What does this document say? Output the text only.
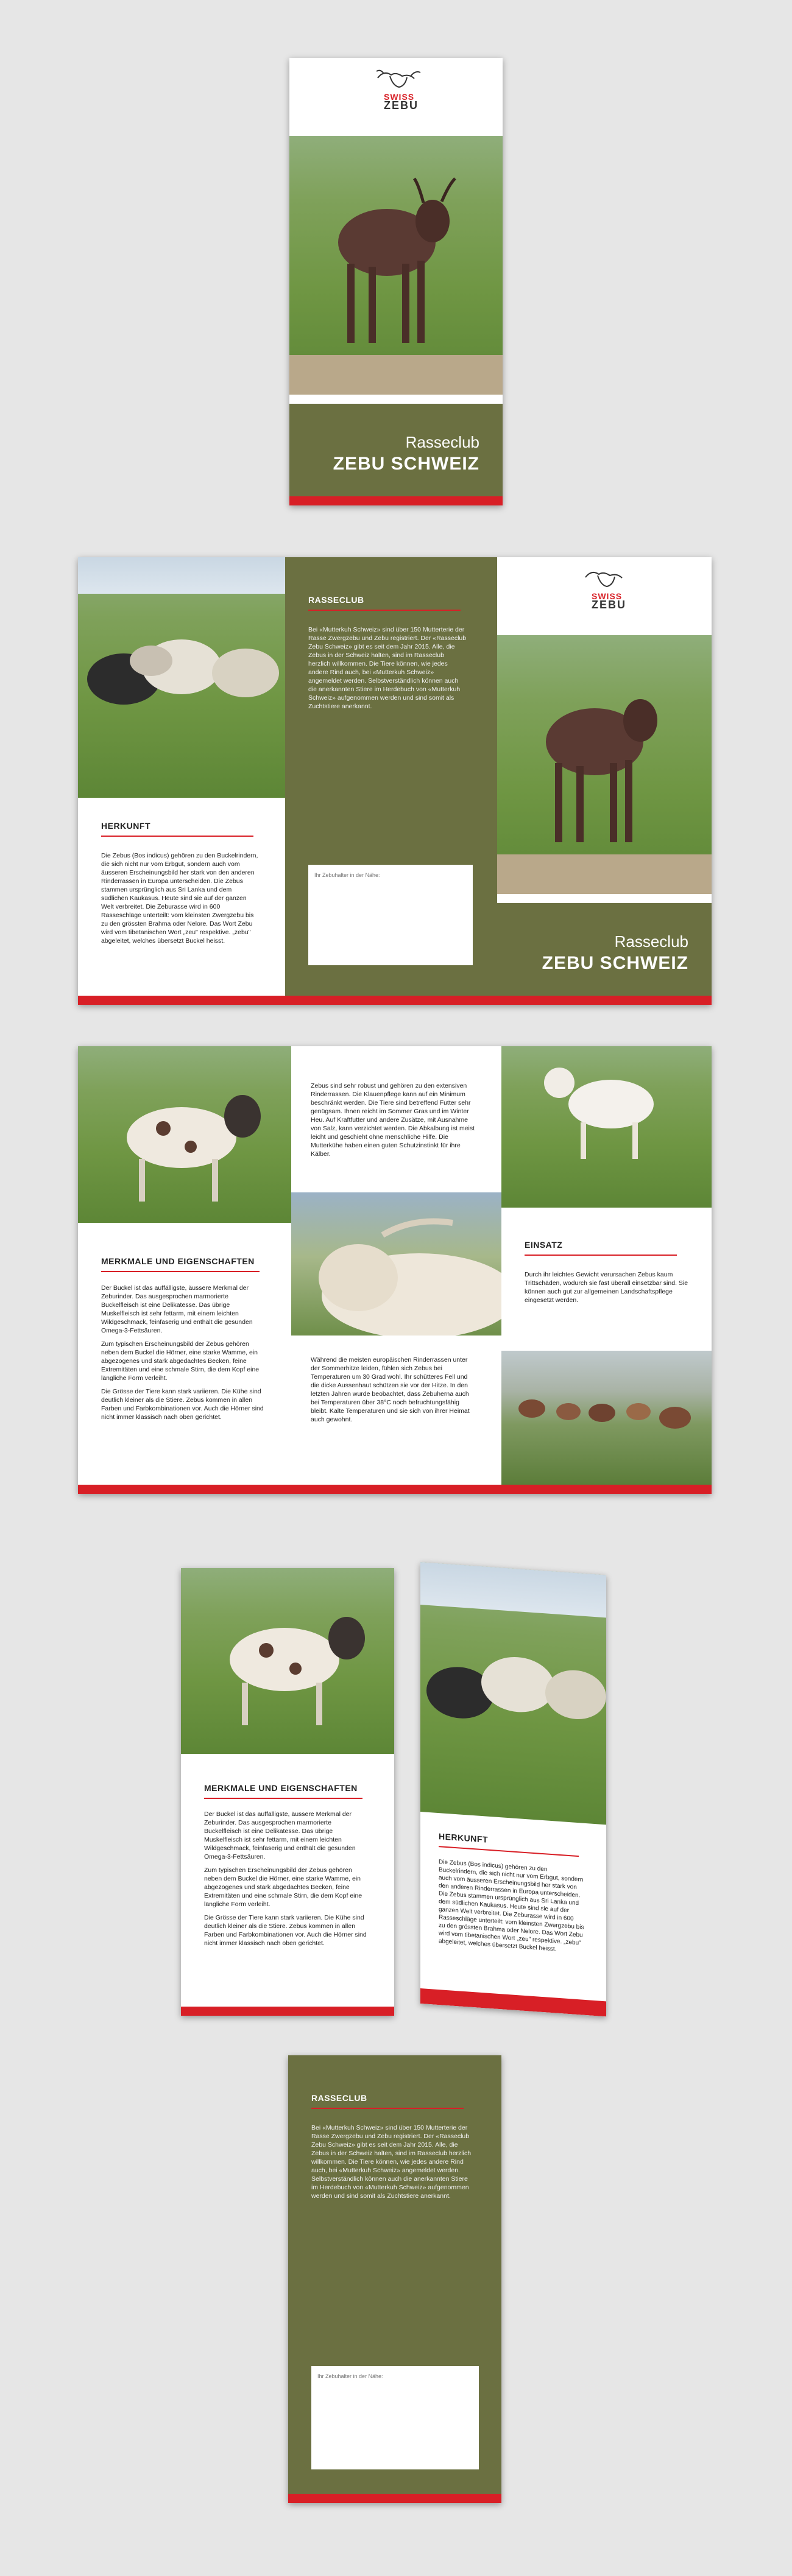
SWISS
ZEBU
Rasseclub
ZEBU SCHWEIZ
HERKUNFT
Die Zebus (Bos indicus) gehören zu den Buckelrindern, die sich nicht nur vom Erbgut, sondern auch vom äusseren Erscheinungsbild her stark von den anderen Rinderrassen in Europa unterscheiden. Die Zebus stammen ursprünglich aus Sri Lanka und dem südlichen Kaukasus. Heute sind sie auf der ganzen Welt verbreitet. Die Zeburasse wird in 600 Rasseschläge unterteilt: vom kleinsten Zwergzebu bis zu den grössten Brahma oder Nelore. Das Wort Zebu wird vom tibetanischen Wort „zeu" respektive. „zebu" abgeleitet, welches übersetzt Buckel heisst.
RASSECLUB
Bei «Mutterkuh Schweiz» sind über 150 Mutterterie der Rasse Zwergzebu und Zebu registriert. Der «Rasseclub Zebu Schweiz» gibt es seit dem Jahr 2015. Alle, die Zebus in der Schweiz halten, sind im Rasseclub herzlich willkommen. Die Tiere können, wie jedes andere Rind auch, bei «Mutterkuh Schweiz» angemeldet werden. Selbstverständlich können auch die anerkannten Stiere im Herdebuch von «Mutterkuh Schweiz» aufgenommen werden und sind somit als Zuchtstiere anerkannt.
Ihr Zebuhalter in der Nähe:
SWISS
ZEBU
Rasseclub
ZEBU SCHWEIZ
MERKMALE UND EIGENSCHAFTEN

Der Buckel ist das auffälligste, äussere Merkmal der Zeburinder. Das ausgesprochen marmorierte Buckelfleisch ist eine Delikatesse. Das übrige Muskelfleisch ist sehr fettarm, mit einem leichten Wildgeschmack, feinfaserig und enthält die gesunden Omega-3-Fettsäuren.

Zum typischen Erscheinungsbild der Zebus gehören neben dem Buckel die Hörner, eine starke Wamme, ein abgezogenes und stark abgedachtes Becken, feine Extremitäten und eine schmale Stirn, die dem Kopf eine längliche Form verleiht.

Die Grösse der Tiere kann stark variieren. Die Kühe sind deutlich kleiner als die Stiere. Zebus kommen in allen Farben und Farbkombinationen vor. Auch die Hörner sind nicht immer klassisch nach oben gerichtet.

Zebus sind sehr robust und gehören zu den extensiven Rinderrassen. Die Klauenpflege kann auf ein Minimum beschränkt werden. Die Tiere sind betreffend Futter sehr genügsam. Ihnen reicht im Sommer Gras und im Winter Heu. Auf Kraftfutter und andere Zusätze, mit Ausnahme von Salz, kann verzichtet werden. Die Abkalbung ist meist leicht und geschieht ohne menschliche Hilfe. Die Mutterkühe haben einen guten Schutzinstinkt für ihre Kälber.
Während die meisten europäischen Rinderrassen unter der Sommerhitze leiden, fühlen sich Zebus bei Temperaturen um 30 Grad wohl. Ihr schütteres Fell und die dicke Aussenhaut schützen sie vor der Hitze. In den letzten Jahren wurde beobachtet, dass Zebuherna auch bei Temperaturen über 38°C noch befruchtungsfähig bleibt. Kalte Temperaturen und sie sich von ihrer Heimat auch gewohnt.
EINSATZ
Durch ihr leichtes Gewicht verursachen Zebus kaum Trittschäden, wodurch sie fast überall einsetzbar sind. Sie können auch gut zur allgemeinen Landschaftspflege eingesetzt werden.
MERKMALE UND EIGENSCHAFTEN

Der Buckel ist das auffälligste, äussere Merkmal der Zeburinder. Das ausgesprochen marmorierte Buckelfleisch ist eine Delikatesse. Das übrige Muskelfleisch ist sehr fettarm, mit einem leichten Wildgeschmack, feinfaserig und enthält die gesunden Omega-3-Fettsäuren.

Zum typischen Erscheinungsbild der Zebus gehören neben dem Buckel die Hörner, eine starke Wamme, ein abgezogenes und stark abgedachtes Becken, feine Extremitäten und eine schmale Stirn, die dem Kopf eine längliche Form verleiht.

Die Grösse der Tiere kann stark variieren. Die Kühe sind deutlich kleiner als die Stiere. Zebus kommen in allen Farben und Farbkombinationen vor. Auch die Hörner sind nicht immer klassisch nach oben gerichtet.

HERKUNFT
Die Zebus (Bos indicus) gehören zu den Buckelrindern, die sich nicht nur vom Erbgut, sondern auch vom äusseren Erscheinungsbild her stark von den anderen Rinderrassen in Europa unterscheiden. Die Zebus stammen ursprünglich aus Sri Lanka und dem südlichen Kaukasus. Heute sind sie auf der ganzen Welt verbreitet. Die Zeburasse wird in 600 Rasseschläge unterteilt: vom kleinsten Zwergzebu bis zu den grössten Brahma oder Nelore. Das Wort Zebu wird vom tibetanischen Wort „zeu" respektive. „zebu" abgeleitet, welches übersetzt Buckel heisst.
RASSECLUB
Bei «Mutterkuh Schweiz» sind über 150 Mutterterie der Rasse Zwergzebu und Zebu registriert. Der «Rasseclub Zebu Schweiz» gibt es seit dem Jahr 2015. Alle, die Zebus in der Schweiz halten, sind im Rasseclub herzlich willkommen. Die Tiere können, wie jedes andere Rind auch, bei «Mutterkuh Schweiz» angemeldet werden. Selbstverständlich können auch die anerkannten Stiere im Herdebuch von «Mutterkuh Schweiz» aufgenommen werden und sind somit als Zuchtstiere anerkannt.
Ihr Zebuhalter in der Nähe:
